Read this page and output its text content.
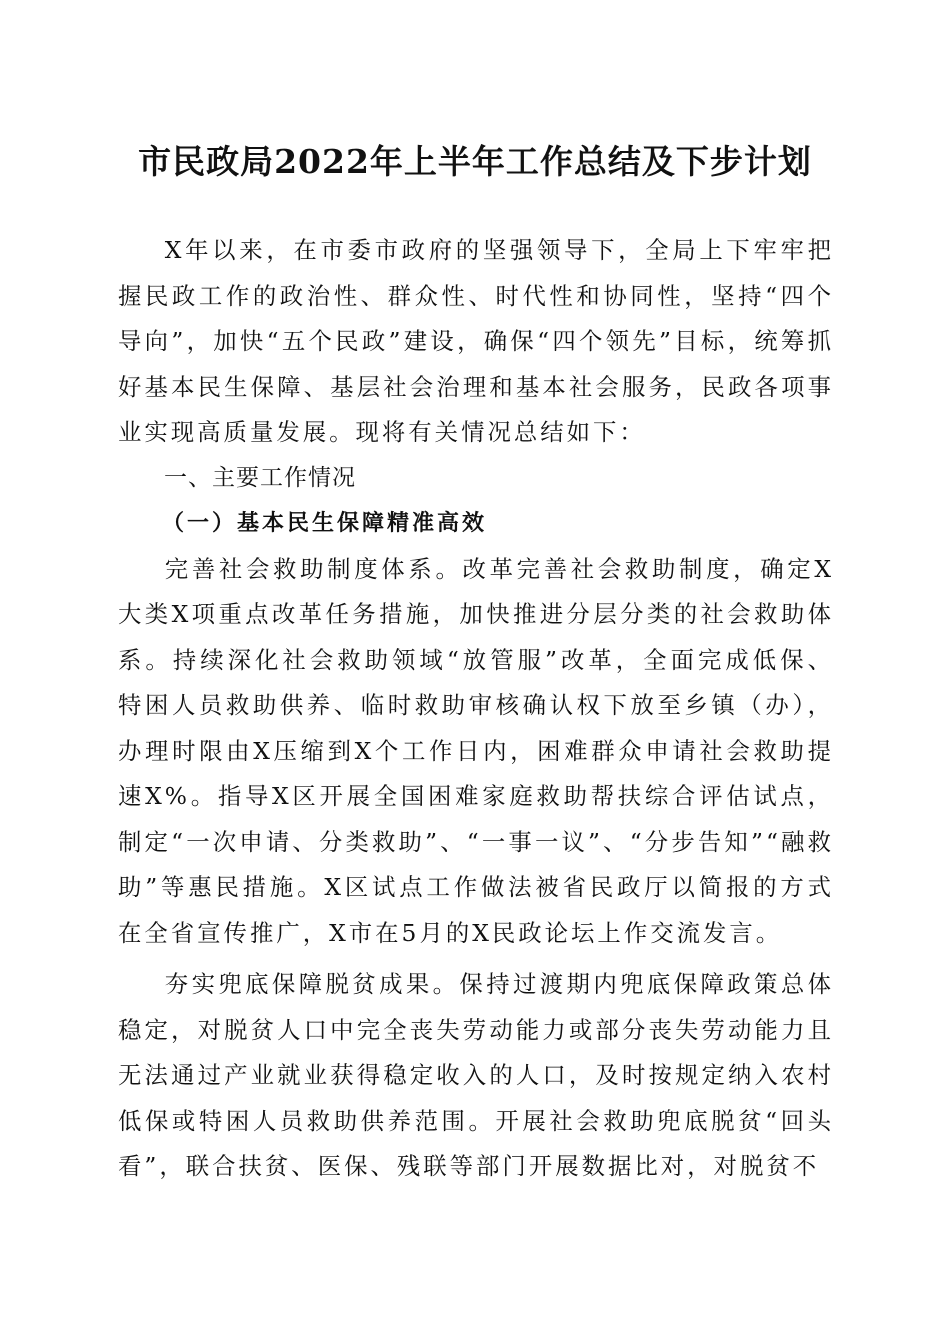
市民政局2022年上半年工作总结及下步计划

X年以来，在市委市政府的坚强领导下，全局上下牢牢把握民政工作的政治性、群众性、时代性和协同性，坚持“四个导向”，加快“五个民政”建设，确保“四个领先”目标，统筹抓好基本民生保障、基层社会治理和基本社会服务，民政各项事业实现高质量发展。现将有关情况总结如下：

一、主要工作情况

（一）基本民生保障精准高效

完善社会救助制度体系。改革完善社会救助制度，确定X大类X项重点改革任务措施，加快推进分层分类的社会救助体系。持续深化社会救助领域“放管服”改革，全面完成低保、特困人员救助供养、临时救助审核确认权下放至乡镇（办），办理时限由X压缩到X个工作日内，困难群众申请社会救助提速X%。指导X区开展全国困难家庭救助帮扶综合评估试点，制定“一次申请、分类救助”、“一事一议”、“分步告知”“融救助”等惠民措施。X区试点工作做法被省民政厅以简报的方式在全省宣传推广，X市在5月的X民政论坛上作交流发言。

夯实兜底保障脱贫成果。保持过渡期内兜底保障政策总体稳定，对脱贫人口中完全丧失劳动能力或部分丧失劳动能力且无法通过产业就业获得稳定收入的人口，及时按规定纳入农村低保或特困人员救助供养范围。开展社会救助兜底脱贫“回头看”，联合扶贫、医保、残联等部门开展数据比对，对脱贫不
